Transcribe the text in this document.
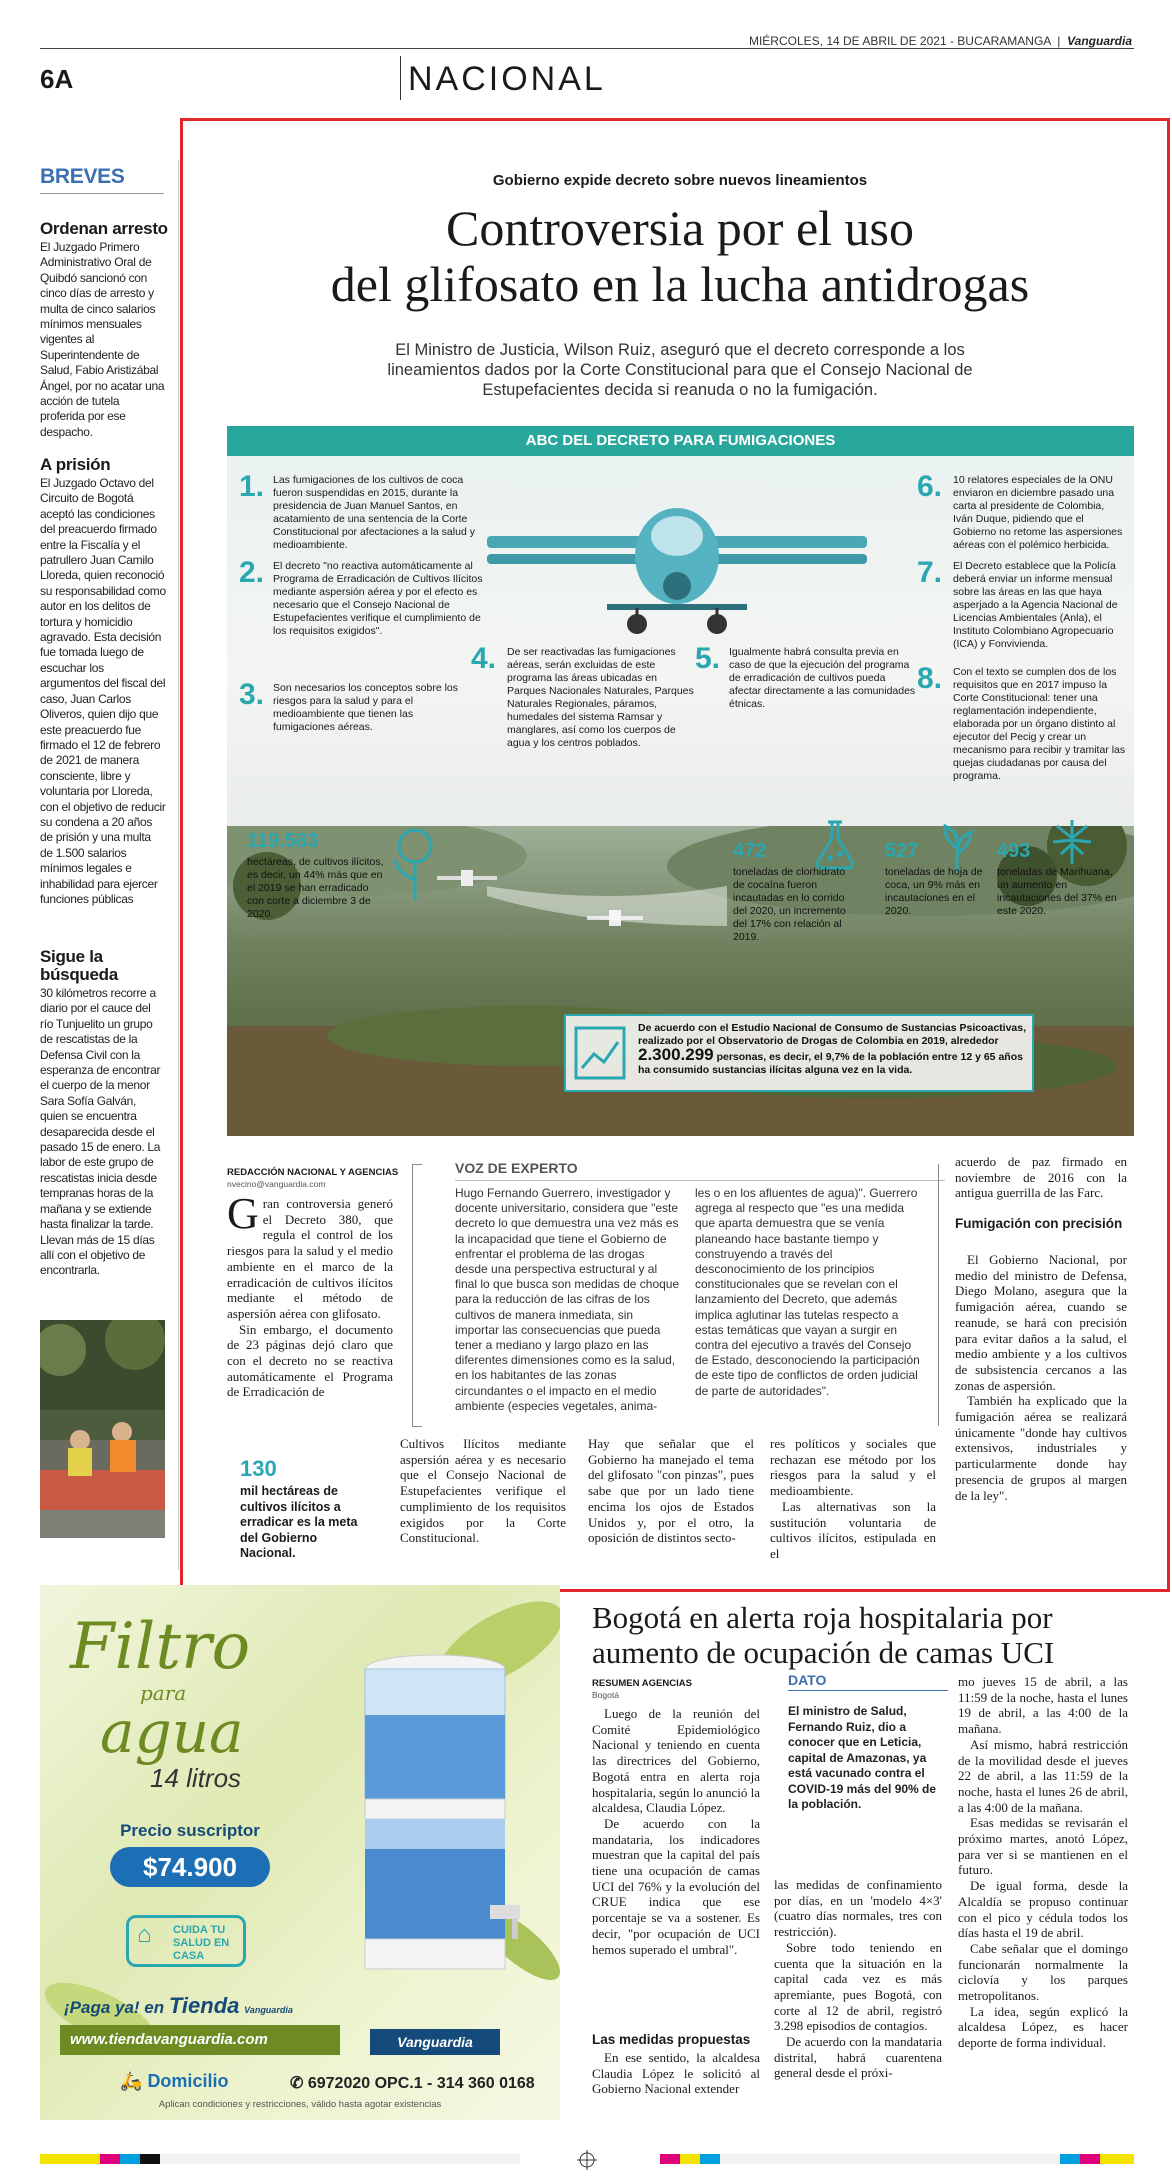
MIÉRCOLES, 14 DE ABRIL DE 2021 - BUCARAMANGA  |  Vanguardia
6A	NACIONAL
BREVES
Ordenan arresto
El Juzgado Primero Administrativo Oral de Quibdó sancionó con cinco días de arresto y multa de cinco salarios mínimos mensuales vigentes al Superintendente de Salud, Fabio Aristizábal Ángel, por no acatar una acción de tutela proferida por ese despacho.
A prisión
El Juzgado Octavo del Circuito de Bogotá aceptó las condiciones del preacuerdo firmado entre la Fiscalía y el patrullero Juan Camilo Lloreda, quien reconoció su responsabilidad como autor en los delitos de tortura y homicidio agravado. Esta decisión fue tomada luego de escuchar los argumentos del fiscal del caso, Juan Carlos Oliveros, quien dijo que este preacuerdo fue firmado el 12 de febrero de 2021 de manera consciente, libre y voluntaria por Lloreda, con el objetivo de reducir su condena a 20 años de prisión y una multa de 1.500 salarios mínimos legales e inhabilidad para ejercer funciones públicas
Sigue la búsqueda
30 kilómetros recorre a diario por el cauce del río Tunjuelito un grupo de rescatistas de la Defensa Civil con la esperanza de encontrar el cuerpo de la menor Sara Sofía Galván, quien se encuentra desaparecida desde el pasado 15 de enero. La labor de este grupo de rescatistas inicia desde tempranas horas de la mañana y se extiende hasta finalizar la tarde. Llevan más de 15 días allí con el objetivo de encontrarla.
Gobierno expide decreto sobre nuevos lineamientos
Controversia por el uso
del glifosato en la lucha antidrogas
El Ministro de Justicia, Wilson Ruiz, aseguró que el decreto corresponde a los lineamientos dados por la Corte Constitucional para que el Consejo Nacional de Estupefacientes decida si reanuda o no la fumigación.
ABC DEL DECRETO PARA FUMIGACIONES
1. Las fumigaciones de los cultivos de coca fueron suspendidas en 2015, durante la presidencia de Juan Manuel Santos, en acatamiento de una sentencia de la Corte Constitucional por afectaciones a la salud y medioambiente.
2. El decreto "no reactiva automáticamente al Programa de Erradicación de Cultivos Ilícitos mediante aspersión aérea y por el efecto es necesario que el Consejo Nacional de Estupefacientes verifique el cumplimiento de los requisitos exigidos".
3. Son necesarios los conceptos sobre los riesgos para la salud y para el medioambiente que tienen las fumigaciones aéreas.
4. De ser reactivadas las fumigaciones aéreas, serán excluidas de este programa las áreas ubicadas en Parques Nacionales Naturales, Parques Naturales Regionales, páramos, humedales del sistema Ramsar y manglares, así como los cuerpos de agua y los centros poblados.
5. Igualmente habrá consulta previa en caso de que la ejecución del programa de erradicación de cultivos pueda afectar directamente a las comunidades étnicas.
6. 10 relatores especiales de la ONU enviaron en diciembre pasado una carta al presidente de Colombia, Iván Duque, pidiendo que el Gobierno no retome las aspersiones aéreas con el polémico herbicida.
7. El Decreto establece que la Policía deberá enviar un informe mensual sobre las áreas en las que haya asperjado a la Agencia Nacional de Licencias Ambientales (Anla), el Instituto Colombiano Agropecuario (ICA) y Fonvivienda.
8. Con el texto se cumplen dos de los requisitos que en 2017 impuso la Corte Constitucional: tener una reglamentación independiente, elaborada por un órgano distinto al ejecutor del Pecig y crear un mecanismo para recibir y tramitar las quejas ciudadanas por causa del programa.
119.583
hectáreas, de cultivos ilícitos, es decir, un 44% más que en el 2019 se han erradicado con corte a diciembre 3 de 2020.
472
toneladas de clorhidrato de cocaína fueron incautadas en lo corrido del 2020, un incremento del 17% con relación al 2019.
527
toneladas de hoja de coca, un 9% más en incautaciones en el 2020.
493
toneladas de Marihuana, un aumento en incautaciones del 37% en este 2020.
De acuerdo con el Estudio Nacional de Consumo de Sustancias Psicoactivas, realizado por el Observatorio de Drogas de Colombia en 2019, alrededor 2.300.299 personas, es decir, el 9,7% de la población entre 12 y 65 años ha consumido sustancias ilícitas alguna vez en la vida.
REDACCIÓN NACIONAL Y AGENCIAS
nvecino@vanguardia.com

Gran controversia generó el Decreto 380, que regula el control de los riesgos para la salud y el medio ambiente en el marco de la erradicación de cultivos ilícitos mediante el método de aspersión aérea con glifosato.

Sin embargo, el documento de 23 páginas dejó claro que con el decreto no se reactiva automáticamente el Programa de Erradicación de

VOZ DE EXPERTO
Hugo Fernando Guerrero, investigador y docente universitario, considera que "este decreto lo que demuestra una vez más es la incapacidad que tiene el Gobierno de enfrentar el problema de las drogas desde una perspectiva estructural y al final lo que busca son medidas de choque para la reducción de las cifras de los cultivos de manera inmediata, sin importar las consecuencias que pueda tener a mediano y largo plazo en las diferentes dimensiones como es la salud, en los habitantes de las zonas circundantes o el impacto en el medio ambiente (especies vegetales, anima-
les o en los afluentes de agua)". Guerrero agrega al respecto que "es una medida que aparta demuestra que se venía planeando hace bastante tiempo y construyendo a través del desconocimiento de los principios constitucionales que se revelan con el lanzamiento del Decreto, que además implica aglutinar las tutelas respecto a estas temáticas que vayan a surgir en contra del ejecutivo a través del Consejo de Estado, desconociendo la participación de este tipo de conflictos de orden judicial de parte de autoridades".
acuerdo de paz firmado en noviembre de 2016 con la antigua guerrilla de las Farc.
Fumigación con precisión

El Gobierno Nacional, por medio del ministro de Defensa, Diego Molano, asegura que la fumigación aérea, cuando se reanude, se hará con precisión para evitar daños a la salud, el medio ambiente y a los cultivos de subsistencia cercanos a las zonas de aspersión.

También ha explicado que la fumigación aérea se realizará únicamente "donde hay cultivos extensivos, industriales y particularmente donde hay presencia de grupos al margen de la ley".

130
mil hectáreas de cultivos ilícitos a erradicar es la meta del Gobierno Nacional.
Cultivos Ilícitos mediante aspersión aérea y es necesario que el Consejo Nacional de Estupefacientes verifique el cumplimiento de los requisitos exigidos por la Corte Constitucional.
Hay que señalar que el Gobierno ha manejado el tema del glifosato "con pinzas", pues sabe que por un lado tiene encima los ojos de Estados Unidos y, por el otro, la oposición de distintos secto-

res políticos y sociales que rechazan ese método por los riesgos para la salud y el medioambiente.

Las alternativas son la sustitución voluntaria de cultivos ilícitos, estipulada en el

Filtro
para
agua
14 litros
Precio suscriptor
$74.900
⌂ CUIDA TU SALUD EN CASA
¡Paga ya! en Tienda Vanguardia
www.tiendavanguardia.com	Vanguardia
🛵 Domicilio	✆ 6972020 OPC.1 - 314 360 0168
Aplican condiciones y restricciones, válido hasta agotar existencias
Bogotá en alerta roja hospitalaria por
aumento de ocupación de camas UCI
RESUMEN AGENCIAS
Bogotá

Luego de la reunión del Comité Epidemiológico Nacional y teniendo en cuenta las directrices del Gobierno, Bogotá entra en alerta roja hospitalaria, según lo anunció la alcaldesa, Claudia López.

De acuerdo con la mandataria, los indicadores muestran que la capital del país tiene una ocupación de camas UCI del 76% y la evolución del CRUE indica que ese porcentaje se va a sostener. Es decir, "por ocupación de UCI hemos superado el umbral".

Las medidas propuestas

En ese sentido, la alcaldesa Claudia López le solicitó al Gobierno Nacional extender

DATO
El ministro de Salud, Fernando Ruiz, dio a conocer que en Leticia, capital de Amazonas, ya está vacunado contra el COVID-19 más del 90% de la población.

las medidas de confinamiento por días, en un 'modelo 4×3' (cuatro días normales, tres con restricción).

Sobre todo teniendo en cuenta que la situación en la capital cada vez es más apremiante, pues Bogotá, con corte al 12 de abril, registró 3.298 episodios de contagios.

De acuerdo con la mandataria distrital, habrá cuarentena general desde el próxi-

mo jueves 15 de abril, a las 11:59 de la noche, hasta el lunes 19 de abril, a las 4:00 de la mañana.

Así mismo, habrá restricción de la movilidad desde el jueves 22 de abril, a las 11:59 de la noche, hasta el lunes 26 de abril, a las 4:00 de la mañana.

Esas medidas se revisarán el próximo martes, anotó López, para ver si se mantienen en el futuro.

De igual forma, desde la Alcaldía se propuso continuar con el pico y cédula todos los días hasta el 19 de abril.

Cabe señalar que el domingo funcionarán normalmente la ciclovía y los parques metropolitanos.

La idea, según explicó la alcaldesa López, es hacer deporte de forma individual.
